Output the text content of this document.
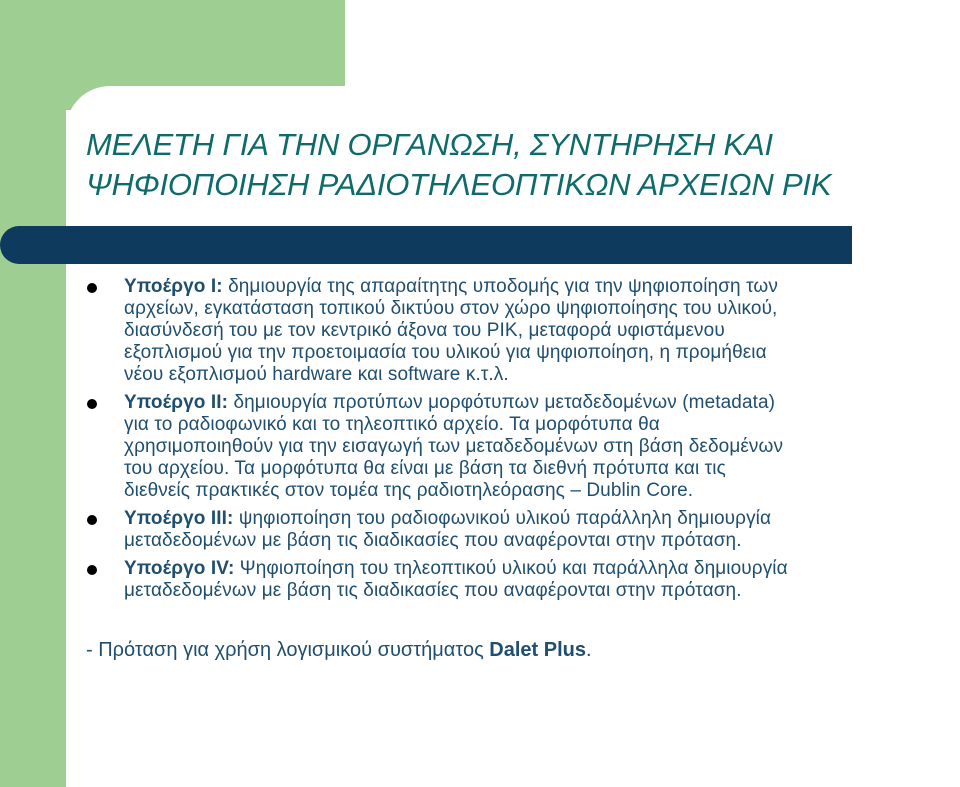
ΜΕΛΕΤΗ ΓΙΑ ΤΗΝ ΟΡΓΑΝΩΣΗ, ΣΥΝΤΗΡΗΣΗ ΚΑΙ
ΨΗΦΙΟΠΟΙΗΣΗ ΡΑΔΙΟΤΗΛΕΟΠΤΙΚΩΝ ΑΡΧΕΙΩΝ ΡΙΚ
Υποέργο Ι: δημιουργία της απαραίτητης υποδομής για την ψηφιοποίηση των
αρχείων, εγκατάσταση τοπικού δικτύου στον χώρο ψηφιοποίησης του υλικού,
διασύνδεσή του με τον κεντρικό άξονα του ΡΙΚ, μεταφορά υφιστάμενου
εξοπλισμού για την προετοιμασία του υλικού για ψηφιοποίηση, η προμήθεια
νέου εξοπλισμού hardware και software κ.τ.λ.
Υποέργο ΙΙ: δημιουργία προτύπων μορφότυπων μεταδεδομένων (metadata)
για το ραδιοφωνικό και το τηλεοπτικό αρχείο. Τα μορφότυπα θα
χρησιμοποιηθούν για την εισαγωγή των μεταδεδομένων στη βάση δεδομένων
του αρχείου. Τα μορφότυπα θα είναι με βάση τα διεθνή πρότυπα και τις
διεθνείς πρακτικές στον τομέα της ραδιοτηλεόρασης – Dublin Core.
Υποέργο ΙΙΙ: ψηφιοποίηση του ραδιοφωνικού υλικού παράλληλη δημιουργία
μεταδεδομένων με βάση τις διαδικασίες που αναφέρονται στην πρόταση.
Υποέργο ΙV: Ψηφιοποίηση του τηλεοπτικού υλικού και παράλληλα δημιουργία
μεταδεδομένων με βάση τις διαδικασίες που αναφέρονται στην πρόταση.

- Πρόταση για χρήση λογισμικού συστήματος Dalet Plus.
